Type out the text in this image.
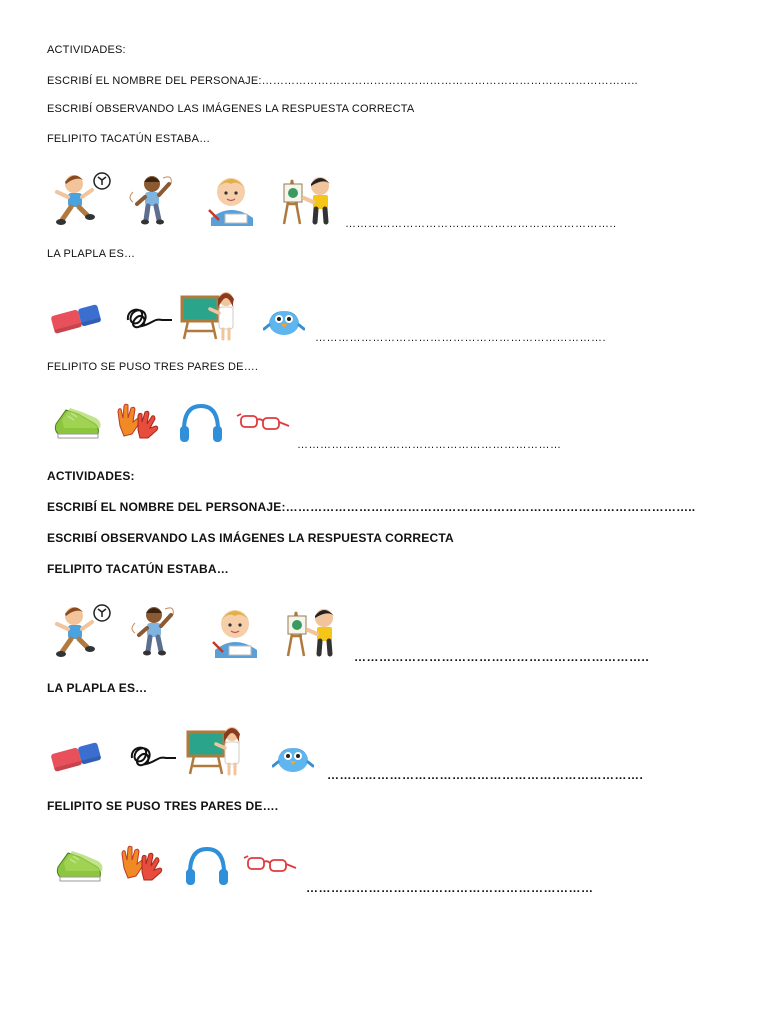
ACTIVIDADES:
ESCRIBÍ EL NOMBRE DEL PERSONAJE:………………………………………………………………………………………..
ESCRIBÍ OBSERVANDO LAS IMÁGENES LA RESPUESTA CORRECTA
FELIPITO TACATÚN ESTABA…
……………………………………………………………..
LA PLAPLA ES…
………………………………………………………………….
FELIPITO SE PUSO TRES PARES DE….
……………………………………………………………
ACTIVIDADES:
ESCRIBÍ EL NOMBRE DEL PERSONAJE:………………………………………………………………………………………..
ESCRIBÍ OBSERVANDO LAS IMÁGENES LA RESPUESTA CORRECTA
FELIPITO TACATÚN ESTABA…
……………………………………………………………..
LA PLAPLA ES…
………………………………………………………………….
FELIPITO SE PUSO TRES PARES DE….
……………………………………………………………
